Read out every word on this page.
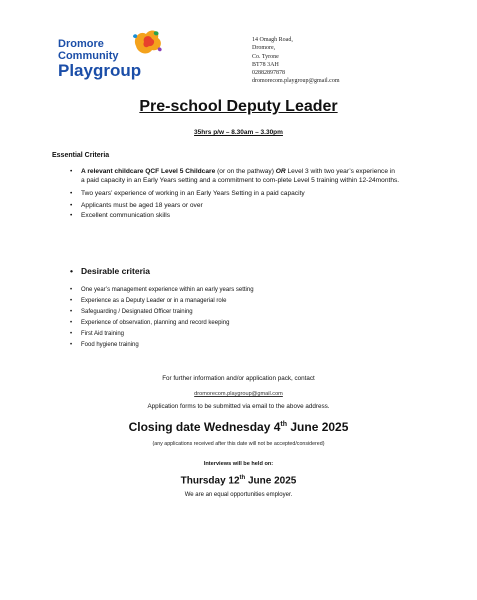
Dromore
Community
Playgroup
14 Omagh Road,
Dromore,
Co. Tyrone
BT78 3AH
02882897878
dromorecom.playgroup@gmail.com
Pre-school Deputy Leader
35hrs p/w – 8.30am – 3.30pm
Essential Criteria
• A relevant childcare QCF Level 5 Childcare (or on the pathway) OR Level 3 with two year’s experience in a paid capacity in an Early Years setting and a commitment to com-plete Level 5 training within 12-24months.
• Two years’ experience of working in an Early Years Setting in a paid capacity
• Applicants must be aged 18 years or over
• Excellent communication skills
• Desirable criteria
• One year’s management experience within an early years setting
• Experience as a Deputy Leader or in a managerial role
• Safeguarding / Designated Officer training
• Experience of observation, planning and record keeping
• First Aid training
• Food hygiene training
For further information and/or application pack, contact
dromorecom.playgroup@gmail.com
Application forms to be submitted via email to the above address.
Closing date Wednesday 4th June 2025
(any applications received after this date will not be accepted/considered)
Interviews will be held on:
Thursday 12th June 2025
We are an equal opportunities employer.
